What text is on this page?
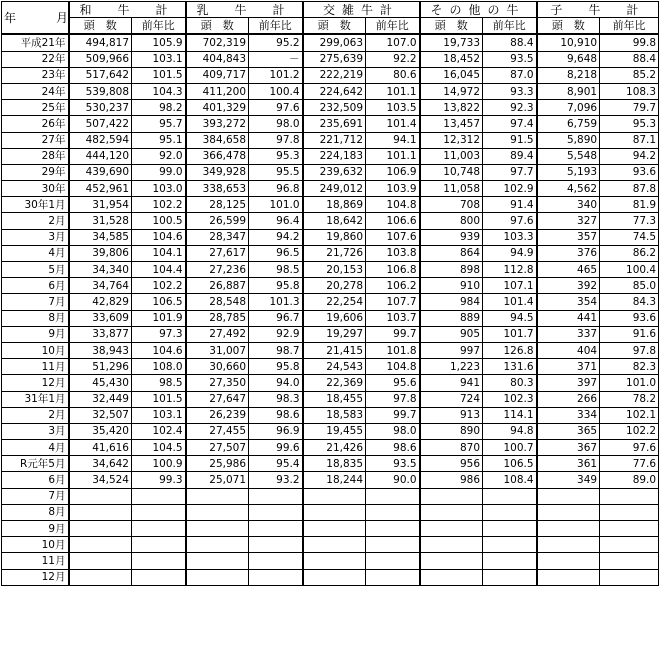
年　月	和　牛　計		乳　牛　計		交雑牛計		その他の牛		子　牛　計	
	頭　数	前年比	頭　数	前年比	頭　数	前年比	頭　数	前年比	頭　数	前年比
平成21年	494,817	105.9	702,319	95.2	299,063	107.0	19,733	88.4	10,910	99.8
22年	509,966	103.1	404,843	－	275,639	92.2	18,452	93.5	9,648	88.4
23年	517,642	101.5	409,717	101.2	222,219	80.6	16,045	87.0	8,218	85.2
24年	539,808	104.3	411,200	100.4	224,642	101.1	14,972	93.3	8,901	108.3
25年	530,237	98.2	401,329	97.6	232,509	103.5	13,822	92.3	7,096	79.7
26年	507,422	95.7	393,272	98.0	235,691	101.4	13,457	97.4	6,759	95.3
27年	482,594	95.1	384,658	97.8	221,712	94.1	12,312	91.5	5,890	87.1
28年	444,120	92.0	366,478	95.3	224,183	101.1	11,003	89.4	5,548	94.2
29年	439,690	99.0	349,928	95.5	239,632	106.9	10,748	97.7	5,193	93.6
30年	452,961	103.0	338,653	96.8	249,012	103.9	11,058	102.9	4,562	87.8
30年1月	31,954	102.2	28,125	101.0	18,869	104.8	708	91.4	340	81.9
2月	31,528	100.5	26,599	96.4	18,642	106.6	800	97.6	327	77.3
3月	34,585	104.6	28,347	94.2	19,860	107.6	939	103.3	357	74.5
4月	39,806	104.1	27,617	96.5	21,726	103.8	864	94.9	376	86.2
5月	34,340	104.4	27,236	98.5	20,153	106.8	898	112.8	465	100.4
6月	34,764	102.2	26,887	95.8	20,278	106.2	910	107.1	392	85.0
7月	42,829	106.5	28,548	101.3	22,254	107.7	984	101.4	354	84.3
8月	33,609	101.9	28,785	96.7	19,606	103.7	889	94.5	441	93.6
9月	33,877	97.3	27,492	92.9	19,297	99.7	905	101.7	337	91.6
10月	38,943	104.6	31,007	98.7	21,415	101.8	997	126.8	404	97.8
11月	51,296	108.0	30,660	95.8	24,543	104.8	1,223	131.6	371	82.3
12月	45,430	98.5	27,350	94.0	22,369	95.6	941	80.3	397	101.0
31年1月	32,449	101.5	27,647	98.3	18,455	97.8	724	102.3	266	78.2
2月	32,507	103.1	26,239	98.6	18,583	99.7	913	114.1	334	102.1
3月	35,420	102.4	27,455	96.9	19,455	98.0	890	94.8	365	102.2
4月	41,616	104.5	27,507	99.6	21,426	98.6	870	100.7	367	97.6
R元年5月	34,642	100.9	25,986	95.4	18,835	93.5	956	106.5	361	77.6
6月	34,524	99.3	25,071	93.2	18,244	90.0	986	108.4	349	89.0
7月										
8月										
9月										
10月										
11月										
12月										
